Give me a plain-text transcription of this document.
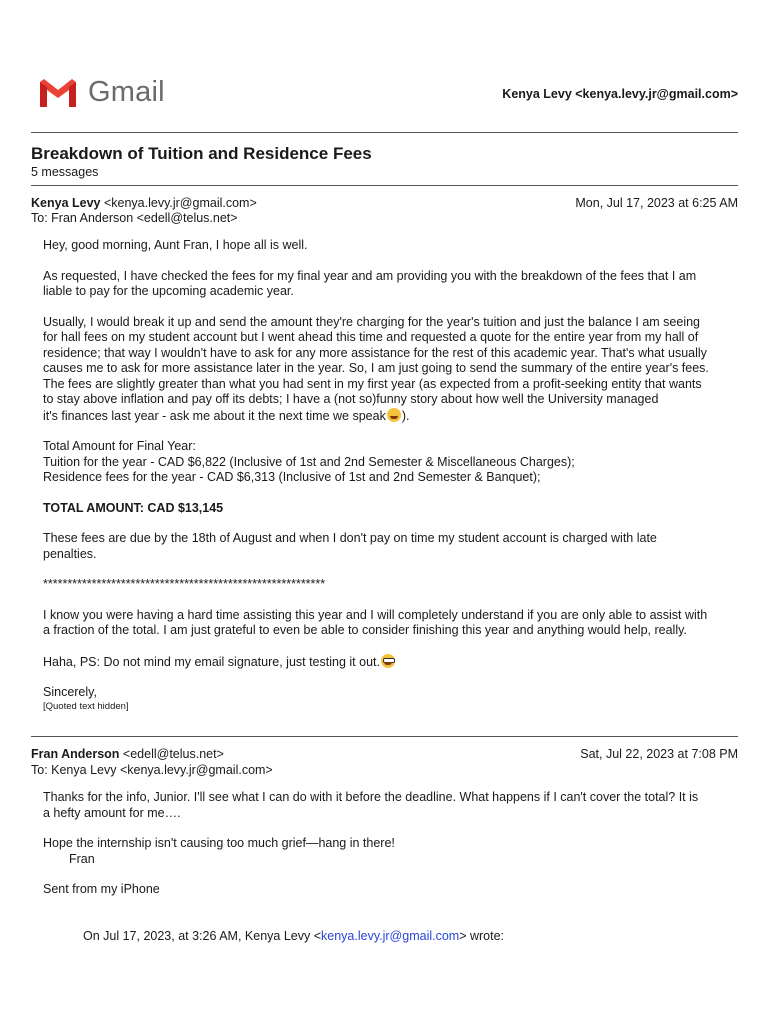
Gmail	Kenya Levy <kenya.levy.jr@gmail.com>
Breakdown of Tuition and Residence Fees
5 messages
Kenya Levy <kenya.levy.jr@gmail.com>	Mon, Jul 17, 2023 at 6:25 AM
To: Fran Anderson <edell@telus.net>

Hey, good morning, Aunt Fran, I hope all is well.

As requested, I have checked the fees for my final year and am providing you with the breakdown of the fees that I am
liable to pay for the upcoming academic year.

Usually, I would break it up and send the amount they're charging for the year's tuition and just the balance I am seeing
for hall fees on my student account but I went ahead this time and requested a quote for the entire year from my hall of
residence; that way I wouldn't have to ask for any more assistance for the rest of this academic year. That's what usually
causes me to ask for more assistance later in the year. So, I am just going to send the summary of the entire year's fees.
The fees are slightly greater than what you had sent in my first year (as expected from a profit-seeking entity that wants
to stay above inflation and pay off its debts; I have a (not so)funny story about how well the University managed
it's finances last year - ask me about it the next time we speak ).

Total Amount for Final Year:
Tuition for the year - CAD $6,822 (Inclusive of 1st and 2nd Semester & Miscellaneous Charges);
Residence fees for the year - CAD $6,313 (Inclusive of 1st and 2nd Semester & Banquet);

TOTAL AMOUNT: CAD $13,145

These fees are due by the 18th of August and when I don't pay on time my student account is charged with late
penalties.

**********************************************************

I know you were having a hard time assisting this year and I will completely understand if you are only able to assist with
a fraction of the total. I am just grateful to even be able to consider finishing this year and anything would help, really.

Haha, PS: Do not mind my email signature, just testing it out.

Sincerely,

[Quoted text hidden]

Fran Anderson <edell@telus.net>	Sat, Jul 22, 2023 at 7:08 PM
To: Kenya Levy <kenya.levy.jr@gmail.com>

Thanks for the info, Junior. I'll see what I can do with it before the deadline. What happens if I can't cover the total? It is
a hefty amount for me….

Hope the internship isn't causing too much grief—hang in there!

Fran

Sent from my iPhone

On Jul 17, 2023, at 3:26 AM, Kenya Levy <kenya.levy.jr@gmail.com> wrote:
